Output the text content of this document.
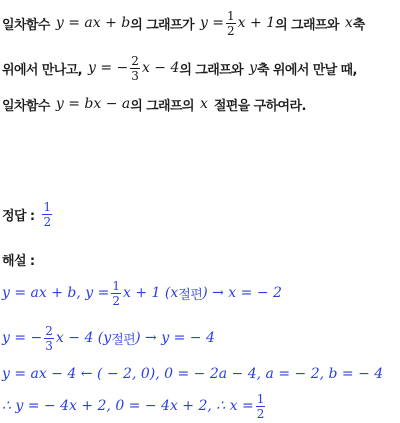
일차함수 y = ax + b 의 그래프가 $y = \frac{1}{2}$ x + 1 의 그래프와 x 축
위에서 만나고, y = − $\frac{2}{3}$ x − 4 의 그래프와 y 축 위에서 만날 때,
일차함수 y = bx − a 의 그래프의 x 절편을 구하여라.
정답 : $\frac{1}{2}$
해설 :
y = ax + b, $y = \frac{1}{2}$ x + 1 ( x 절편 ) → x = − 2
y = − $\frac{2}{3}$ x − 4 ( y 절편 ) → y = − 4
y = ax − 4 ← ( − 2, 0), 0 = − 2a − 4, a = − 2, b = − 4
∴ y = − 4x + 2, 0 = − 4x + 2, ∴ $x = \frac{1}{2}$
